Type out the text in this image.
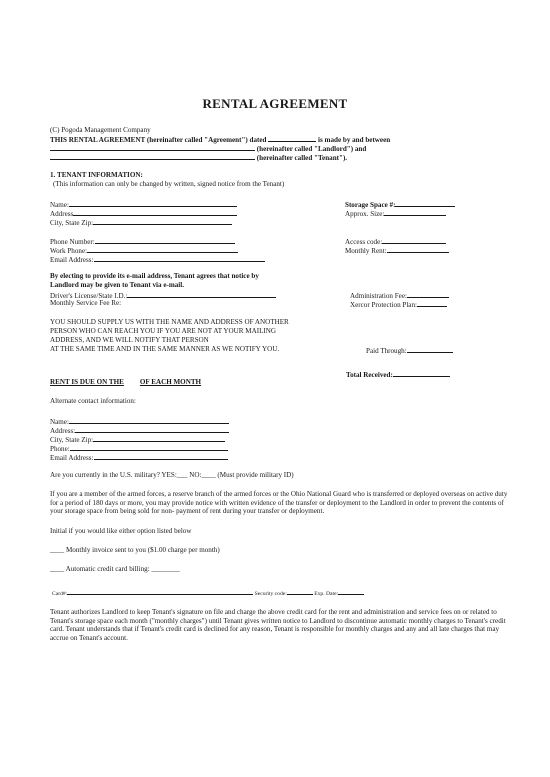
RENTAL AGREEMENT
(C) Pogoda Management Company
THIS RENTAL AGREEMENT (hereinafter called "Agreement") dated	is made by and between
(hereinafter called "Landlord") and
(hereinafter called "Tenant").
1. TENANT INFORMATION:
(This information can only be changed by written, signed notice from the Tenant)
Name:
Address
City, State Zip:
Phone Number:
Work Phone:
Email Address:
Storage Space #:
Approx. Size:
Access code:
Monthly Rent:
By electing to provide its e-mail address, Tenant agrees that notice by
Landlord may be given to Tenant via e-mail.
Driver's License/State I.D.:
Monthly Service Fee Re:
Administration Fee:
Xercor Protection Plan:
YOU SHOULD SUPPLY US WITH THE NAME AND ADDRESS OF ANOTHER
PERSON WHO CAN REACH YOU IF YOU ARE NOT AT YOUR MAILING
ADDRESS, AND WE WILL NOTIFY THAT PERSON
AT THE SAME TIME AND IN THE SAME MANNER AS WE NOTIFY YOU.	Paid Through:
Total Received:
RENT IS DUE ON THE OF EACH MONTH
Alternate contact information:
Name:
Address:
City, State Zip:
Phone:
Email Address:
Are you currently in the U.S. military? YES:___ NO:____ (Must provide military ID)
If you are a member of the armed forces, a reserve branch of the armed forces or the Ohio National Guard who is transferred or deployed overseas on active duty for a period of 180 days or more, you may provide notice with written evidence of the transfer or deployment to the Landlord in order to prevent the contents of your storage space from being sold for non- payment of rent during your transfer or deployment.
Initial if you would like either option listed below
____ Monthly invoice sent to you ($1.00 charge per month)
____ Automatic credit card billing: ________
Card#:	Security code:	Exp. Date:
Tenant authorizes Landlord to keep Tenant's signature on file and charge the above credit card for the rent and administration and service fees on or related to Tenant's storage space each month ("monthly charges") until Tenant gives written notice to Landlord to discontinue automatic monthly charges to Tenant's credit card. Tenant understands that if Tenant's credit card is declined for any reason, Tenant is responsible for monthly charges and any and all late charges that may accrue on Tenant's account.
